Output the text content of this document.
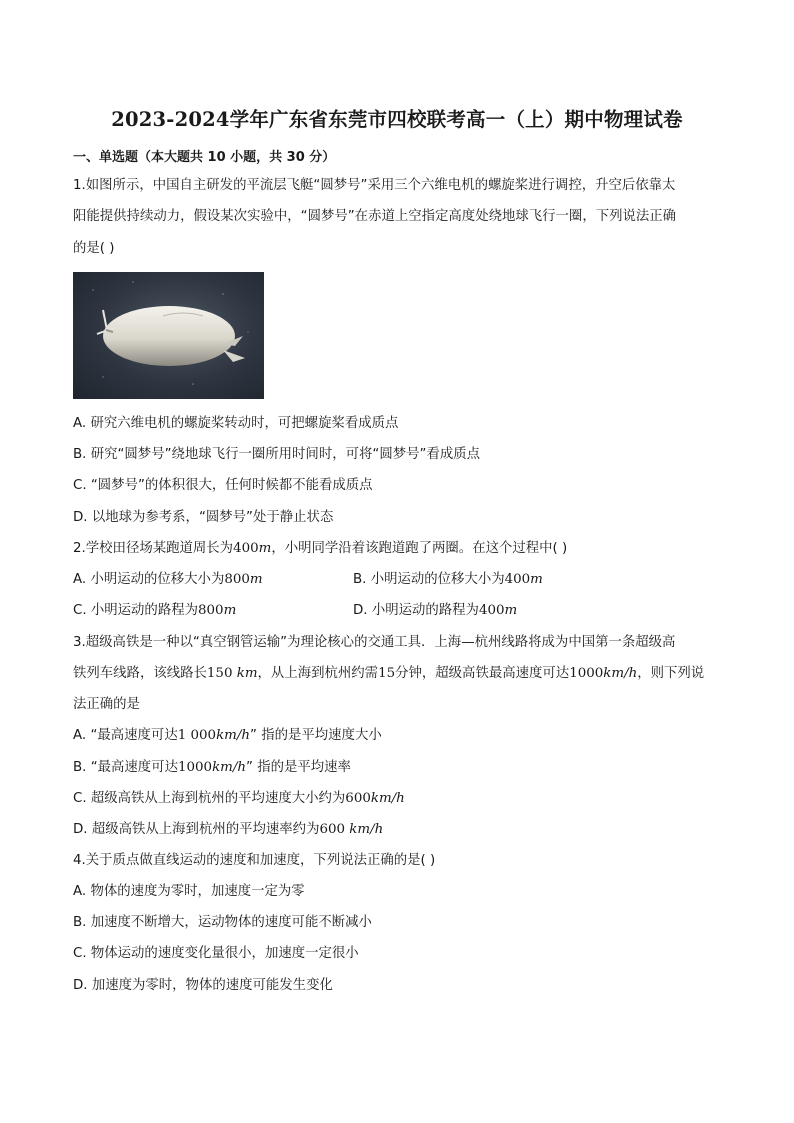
2023-2024学年广东省东莞市四校联考高一（上）期中物理试卷
一、单选题（本大题共 10 小题，共 30 分）
1.如图所示，中国自主研发的平流层飞艇“圆梦号”采用三个六维电机的螺旋桨进行调控，升空后依靠太
阳能提供持续动力，假设某次实验中，“圆梦号”在赤道上空指定高度处绕地球飞行一圈，下列说法正确
的是( )
A. 研究六维电机的螺旋桨转动时，可把螺旋桨看成质点
B. 研究“圆梦号”绕地球飞行一圈所用时间时，可将“圆梦号”看成质点
C. “圆梦号”的体积很大，任何时候都不能看成质点
D. 以地球为参考系，“圆梦号”处于静止状态
2.学校田径场某跑道周长为400m，小明同学沿着该跑道跑了两圈。在这个过程中( )
A. 小明运动的位移大小为800m	B. 小明运动的位移大小为400m
C. 小明运动的路程为800m	D. 小明运动的路程为400m
3.超级高铁是一种以“真空钢管运输”为理论核心的交通工具．上海—杭州线路将成为中国第一条超级高
铁列车线路，该线路长150 km，从上海到杭州约需15分钟，超级高铁最高速度可达1000km/h，则下列说
法正确的是
A. “最高速度可达1 000km/h” 指的是平均速度大小
B. “最高速度可达1000km/h” 指的是平均速率
C. 超级高铁从上海到杭州的平均速度大小约为600km/h
D. 超级高铁从上海到杭州的平均速率约为600 km/h
4.关于质点做直线运动的速度和加速度，下列说法正确的是( )
A. 物体的速度为零时，加速度一定为零
B. 加速度不断增大，运动物体的速度可能不断减小
C. 物体运动的速度变化量很小，加速度一定很小
D. 加速度为零时，物体的速度可能发生变化
